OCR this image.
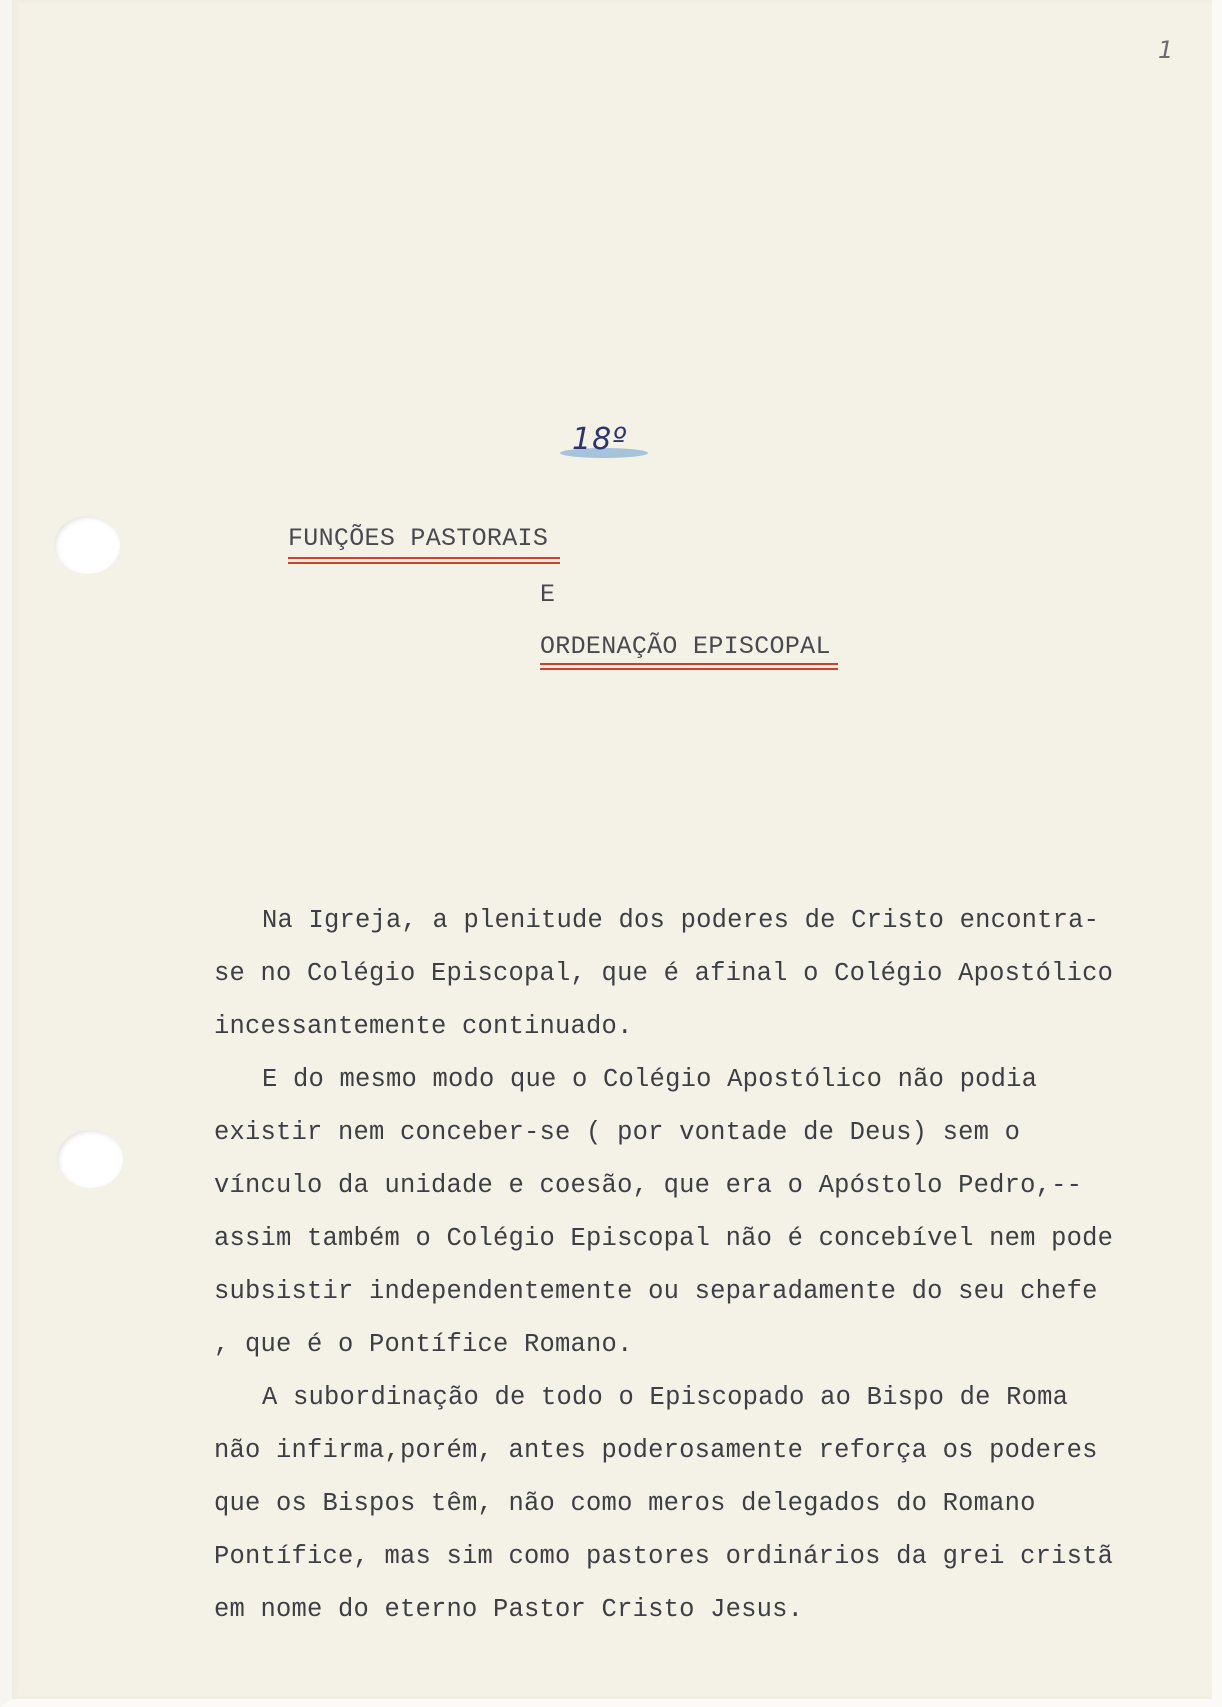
1
18º
FUNÇÕES PASTORAIS
E
ORDENAÇÃO EPISCOPAL

Na Igreja, a plenitude dos poderes de Cristo encontra-se no Colégio Episcopal, que é afinal o Colégio Apostólico incessantemente continuado.

E do mesmo modo que o Colégio Apostólico não podia existir nem conceber-se ( por vontade de Deus) sem o vínculo da unidade e coesão, que era o Apóstolo Pedro,-- assim também o Colégio Episcopal não é concebível nem pode subsistir independentemente ou separadamente do seu chefe , que é o Pontífice Romano.

A subordinação de todo o Episcopado ao Bispo de Roma não infirma,porém, antes poderosamente reforça os poderes que os Bispos têm, não como meros delegados do Romano Pontífice, mas sim como pastores ordinários da grei cristã em nome do eterno Pastor Cristo Jesus.
